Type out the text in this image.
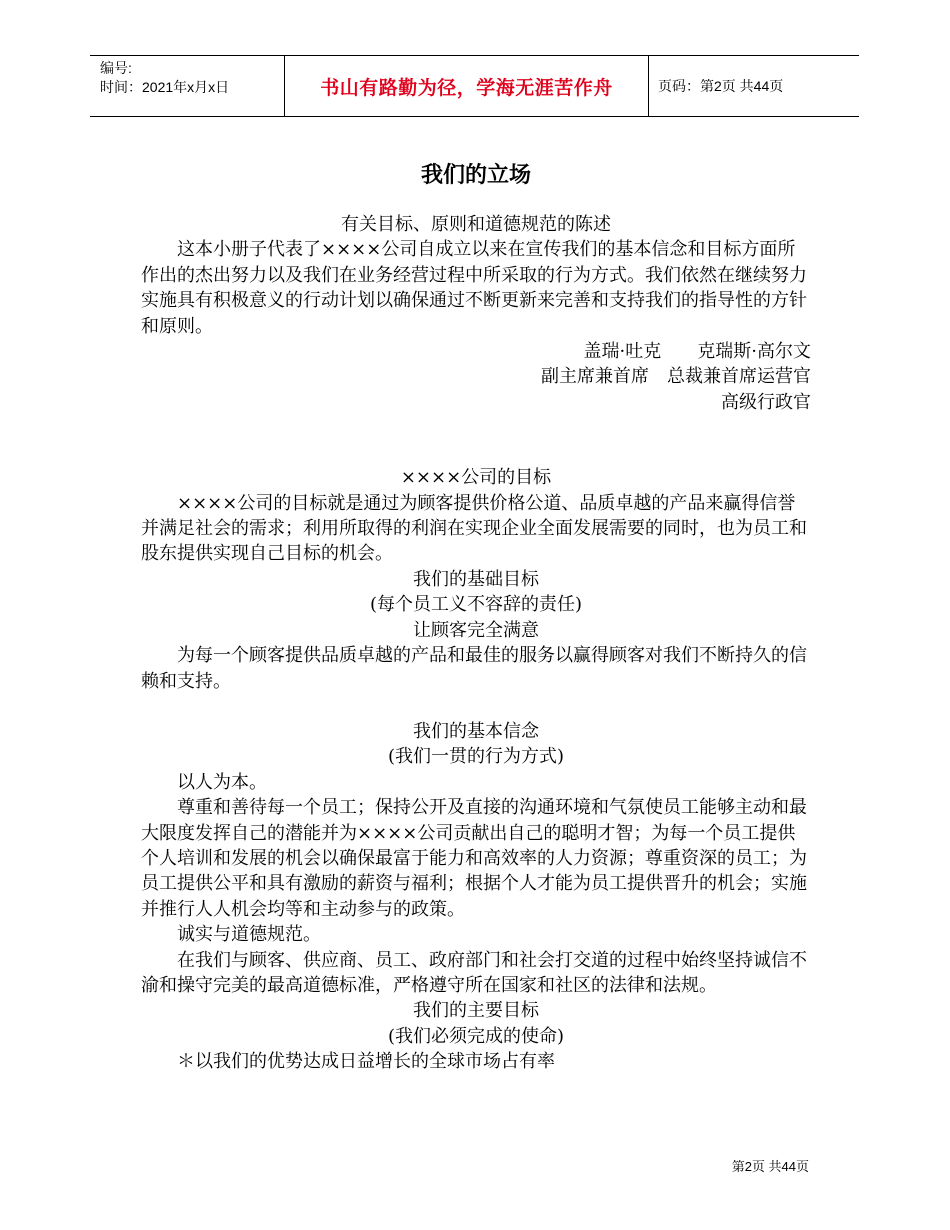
编号:
时间：2021年x月x日	书山有路勤为径，学海无涯苦作舟	页码：第2页 共44页
我们的立场

有关目标、原则和道德规范的陈述

这本小册子代表了××××公司自成立以来在宣传我们的基本信念和目标方面所作出的杰出努力以及我们在业务经营过程中所采取的行为方式。我们依然在继续努力实施具有积极意义的行动计划以确保通过不断更新来完善和支持我们的指导性的方针和原则。

盖瑞·吐克　　克瑞斯·高尔文

副主席兼首席　总裁兼首席运营官

高级行政官

××××公司的目标

××××公司的目标就是通过为顾客提供价格公道、品质卓越的产品来赢得信誉并满足社会的需求；利用所取得的利润在实现企业全面发展需要的同时，也为员工和股东提供实现自己目标的机会。

我们的基础目标

(每个员工义不容辞的责任)

让顾客完全满意

为每一个顾客提供品质卓越的产品和最佳的服务以赢得顾客对我们不断持久的信赖和支持。

我们的基本信念

(我们一贯的行为方式)

以人为本。

尊重和善待每一个员工；保持公开及直接的沟通环境和气氛使员工能够主动和最大限度发挥自己的潜能并为××××公司贡献出自己的聪明才智；为每一个员工提供个人培训和发展的机会以确保最富于能力和高效率的人力资源；尊重资深的员工；为员工提供公平和具有激励的薪资与福利；根据个人才能为员工提供晋升的机会；实施并推行人人机会均等和主动参与的政策。

诚实与道德规范。

在我们与顾客、供应商、员工、政府部门和社会打交道的过程中始终坚持诚信不渝和操守完美的最高道德标准，严格遵守所在国家和社区的法律和法规。

我们的主要目标

(我们必须完成的使命)

＊以我们的优势达成日益增长的全球市场占有率

第2页 共44页
